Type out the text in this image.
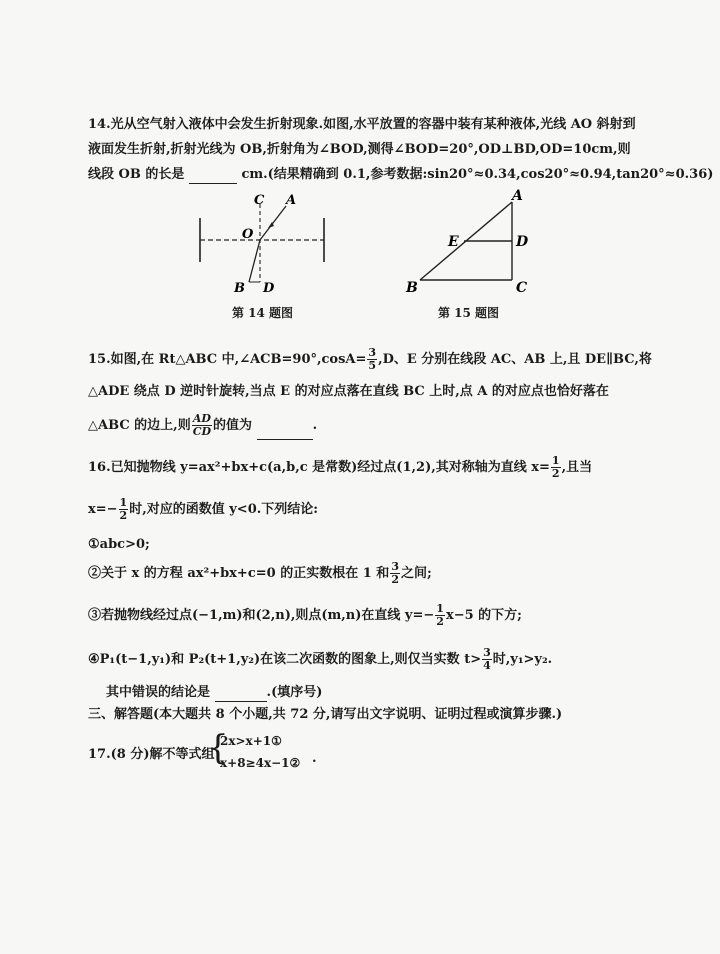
14.光从空气射入液体中会发生折射现象.如图,水平放置的容器中装有某种液体,光线 AO 斜射到
液面发生折射,折射光线为 OB,折射角为∠BOD,测得∠BOD=20°,OD⊥BD,OD=10cm,则
线段 OB 的长是	cm.(结果精确到 0.1,参考数据:sin20°≈0.34,cos20°≈0.94,tan20°≈0.36)
C A
O
B D
第 14 题图
A
E	D
B	C
第 15 题图
15.如图,在 Rt△ABC 中,∠ACB=90°,cosA= $\frac{3}{5} ,D$、E 分别在线段 AC、AB 上,且 DE∥BC,将
△ADE 绕点 D 逆时针旋转,当点 E 的对应点落在直线 BC 上时,点 A 的对应点也恰好落在
△ABC 的边上,则 $\frac{AD}{CD}$ 的值为	.
16.已知抛物线 y=ax²+bx+c(a,b,c 是常数)经过点(1,2),其对称轴为直线 $x= \frac{1}{2}$ ,且当
$x=- \frac{1}{2}$ 时,对应的函数值 y<0.下列结论:
①abc>0;
②关于 x 的方程 ax²+bx+c=0 的正实数根在 1 和 $\frac{3}{2}$ 之间;
③若抛物线经过点(−1,m)和(2,n),则点(m,n)在直线 $y=- \frac{1}{2} x-5$ 的下方;
④P₁(t−1,y₁)和 P₂(t+1,y₂)在该二次函数的图象上,则仅当实数 $t> \frac{3}{4}$ 时,y₁>y₂.
其中错误的结论是	.(填序号)
三、解答题(本大题共 8 个小题,共 72 分,请写出文字说明、证明过程或演算步骤.)
17.(8 分)解不等式组
{
2x>x+1①
x+8≥4x−1② .
